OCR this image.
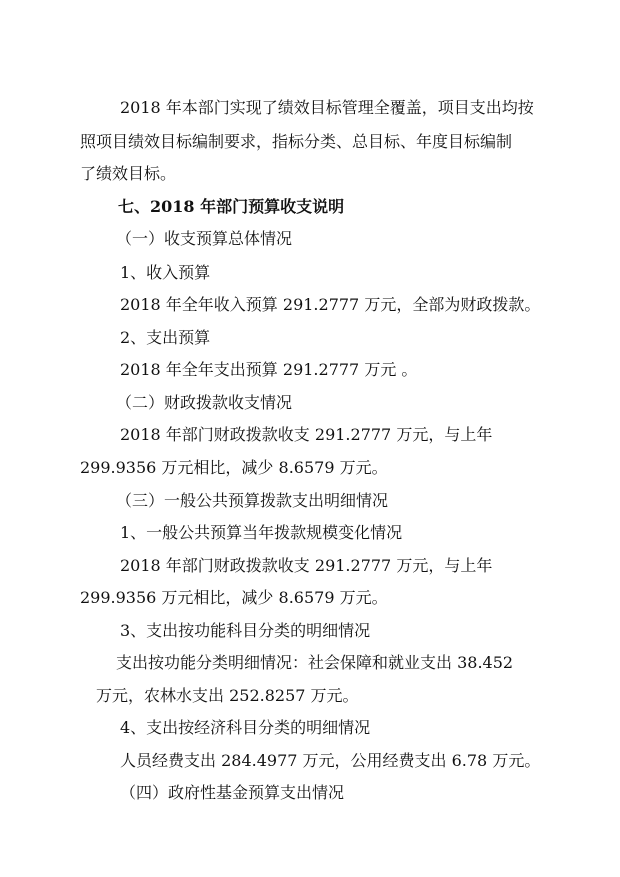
2018 年本部门实现了绩效目标管理全覆盖，项目支出均按
照项目绩效目标编制要求，指标分类、总目标、年度目标编制
了绩效目标。
七、2018 年部门预算收支说明
（一）收支预算总体情况
1、收入预算
2018 年全年收入预算 291.2777 万元，全部为财政拨款。
2、支出预算
2018 年全年支出预算 291.2777 万元 。
（二）财政拨款收支情况
2018 年部门财政拨款收支 291.2777 万元，与上年
299.9356 万元相比，减少 8.6579 万元。
（三）一般公共预算拨款支出明细情况
1、一般公共预算当年拨款规模变化情况
2018 年部门财政拨款收支 291.2777 万元，与上年
299.9356 万元相比，减少 8.6579 万元。
3、支出按功能科目分类的明细情况
支出按功能分类明细情况：社会保障和就业支出 38.452
万元，农林水支出 252.8257 万元。
4、支出按经济科目分类的明细情况
人员经费支出 284.4977 万元，公用经费支出 6.78 万元。
（四）政府性基金预算支出情况
